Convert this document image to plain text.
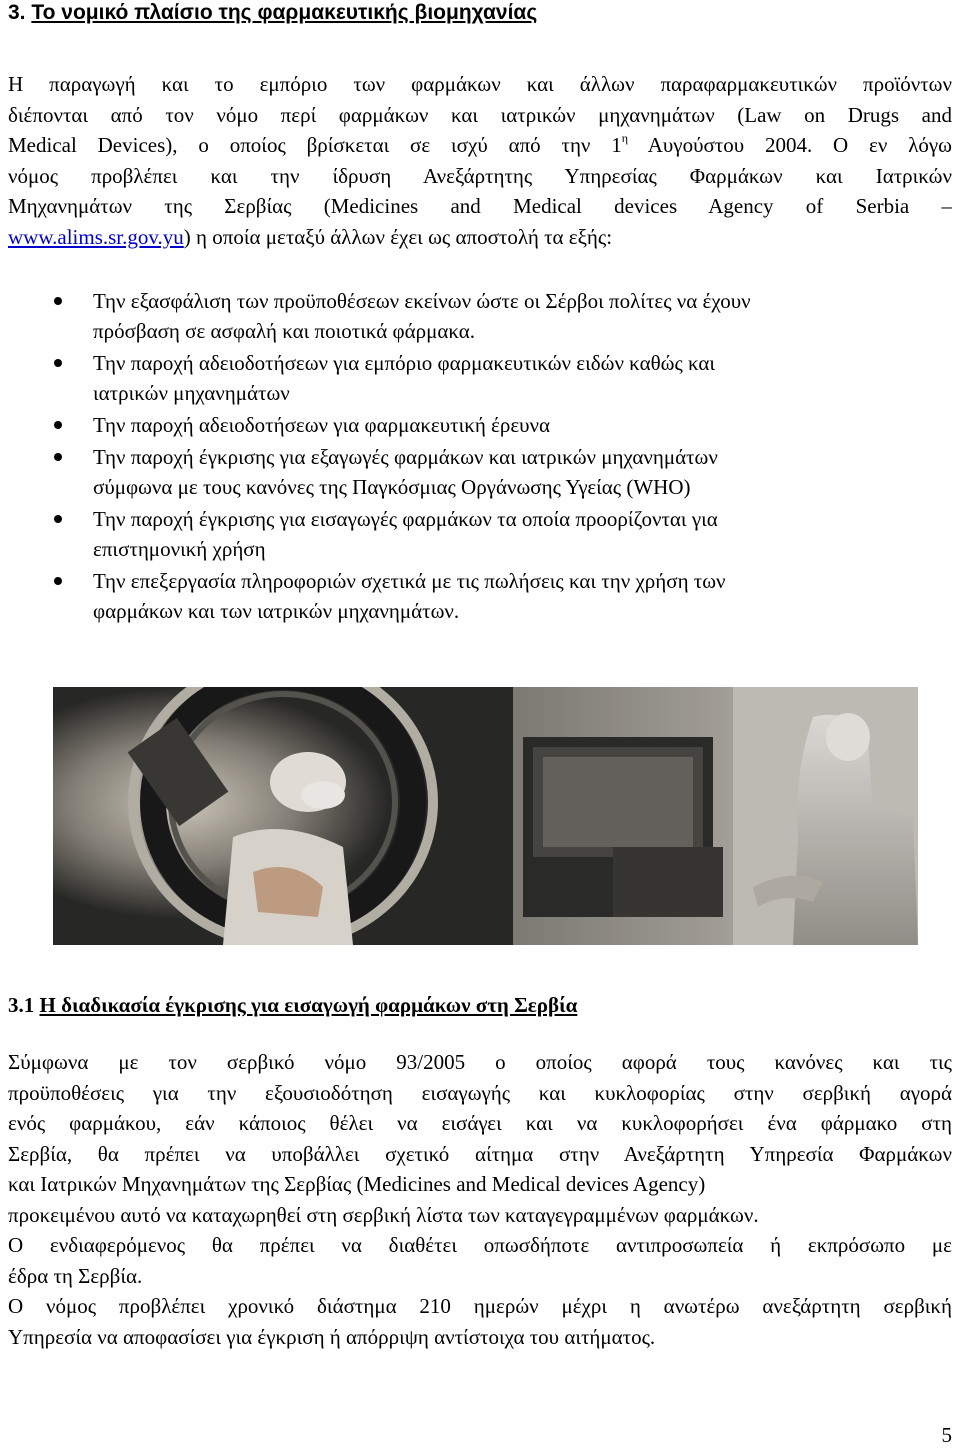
3. Το νομικό πλαίσιο της φαρμακευτικής βιομηχανίας
Η παραγωγή και το εμπόριο των φαρμάκων και άλλων παραφαρμακευτικών προϊόντων
διέπονται από τον νόμο περί φαρμάκων και ιατρικών μηχανημάτων (Law on Drugs and
Medical Devices), ο οποίος βρίσκεται σε ισχύ από την $1^\eta$ Αυγούστου 2004. Ο εν λόγω
νόμος προβλέπει και την ίδρυση Ανεξάρτητης Υπηρεσίας Φαρμάκων και Ιατρικών
Μηχανημάτων της Σερβίας (Medicines and Medical devices Agency of Serbia –
www.alims.sr.gov.yu) η οποία μεταξύ άλλων έχει ως αποστολή τα εξής:
Την εξασφάλιση των προϋποθέσεων εκείνων ώστε οι Σέρβοι πολίτες να έχουν
πρόσβαση σε ασφαλή και ποιοτικά φάρμακα.
Την παροχή αδειοδοτήσεων για εμπόριο φαρμακευτικών ειδών καθώς και
ιατρικών μηχανημάτων
Την παροχή αδειοδοτήσεων για φαρμακευτική έρευνα
Την παροχή έγκρισης για εξαγωγές φαρμάκων και ιατρικών μηχανημάτων
σύμφωνα με τους κανόνες της Παγκόσμιας Οργάνωσης Υγείας (WHO)
Την παροχή έγκρισης για εισαγωγές φαρμάκων τα οποία προορίζονται για
επιστημονική χρήση
Την επεξεργασία πληροφοριών σχετικά με τις πωλήσεις και την χρήση των
φαρμάκων και των ιατρικών μηχανημάτων.
3.1 Η διαδικασία έγκρισης για εισαγωγή φαρμάκων στη Σερβία
Σύμφωνα με τον σερβικό νόμο 93/2005 ο οποίος αφορά τους κανόνες και τις
προϋποθέσεις για την εξουσιοδότηση εισαγωγής και κυκλοφορίας στην σερβική αγορά
ενός φαρμάκου, εάν κάποιος θέλει να εισάγει και να κυκλοφορήσει ένα φάρμακο στη
Σερβία, θα πρέπει να υποβάλλει σχετικό αίτημα στην Ανεξάρτητη Υπηρεσία Φαρμάκων
και Ιατρικών Μηχανημάτων της Σερβίας (Medicines and Medical devices Agency)
προκειμένου αυτό να καταχωρηθεί στη σερβική λίστα των καταγεγραμμένων φαρμάκων.
Ο ενδιαφερόμενος θα πρέπει να διαθέτει οπωσδήποτε αντιπροσωπεία ή εκπρόσωπο με
έδρα τη Σερβία.
Ο νόμος προβλέπει χρονικό διάστημα 210 ημερών μέχρι η ανωτέρω ανεξάρτητη σερβική
Υπηρεσία να αποφασίσει για έγκριση ή απόρριψη αντίστοιχα του αιτήματος.
5
